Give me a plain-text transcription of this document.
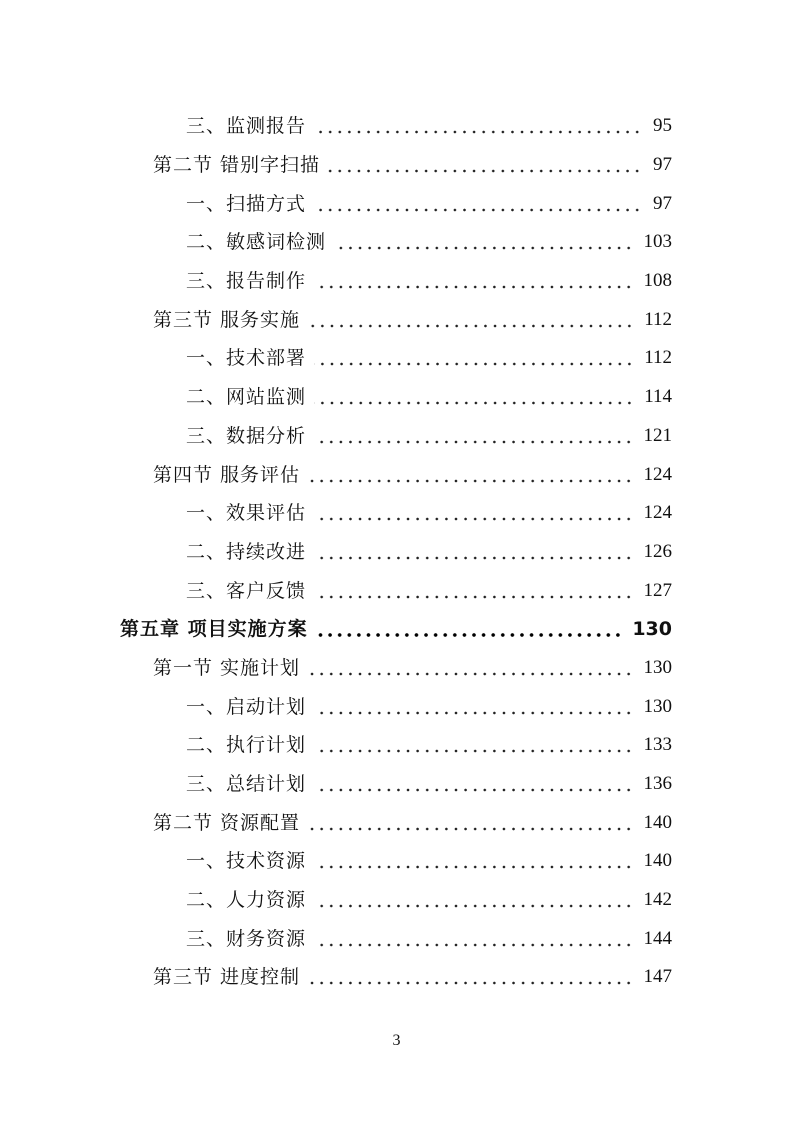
三、监测报告	95
第二节 错别字扫描	97
一、扫描方式	97
二、敏感词检测	103
三、报告制作	108
第三节 服务实施	112
一、技术部署	112
二、网站监测	114
三、数据分析	121
第四节 服务评估	124
一、效果评估	124
二、持续改进	126
三、客户反馈	127
第五章 项目实施方案	130
第一节 实施计划	130
一、启动计划	130
二、执行计划	133
三、总结计划	136
第二节 资源配置	140
一、技术资源	140
二、人力资源	142
三、财务资源	144
第三节 进度控制	147
3
